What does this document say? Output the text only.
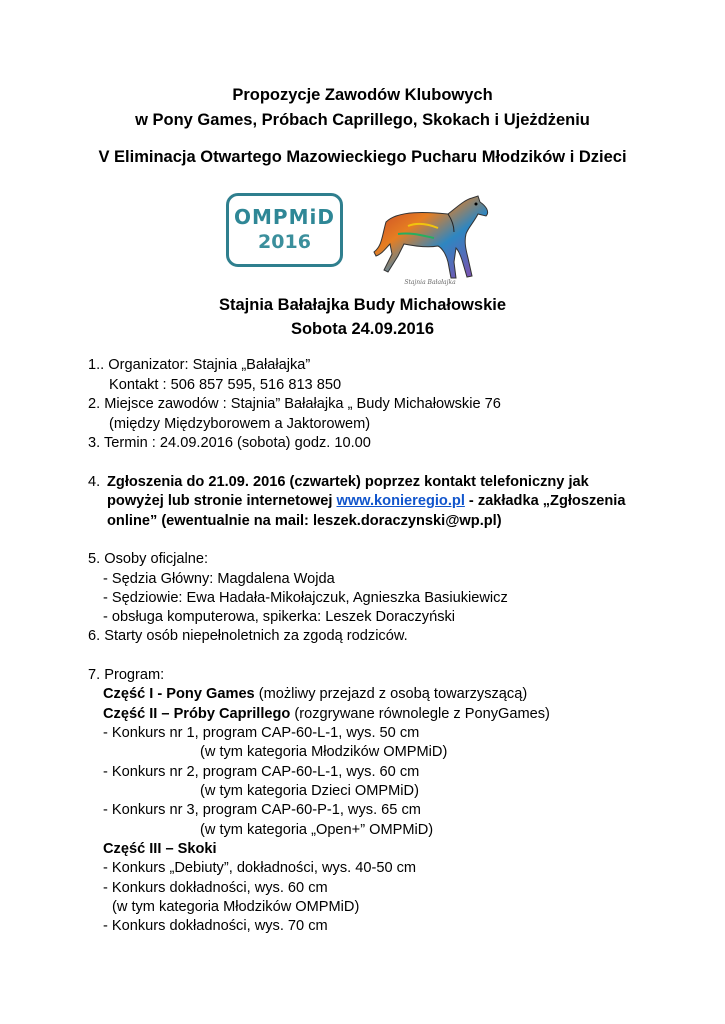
Propozycje Zawodów Klubowych
w Pony Games, Próbach Caprillego, Skokach i Ujeżdżeniu
V Eliminacja Otwartego Mazowieckiego Pucharu Młodzików i Dzieci
OMPMiD
2016
Stajnia Bałałajka
Stajnia Bałałajka Budy Michałowskie
Sobota 24.09.2016
1.. Organizator: Stajnia „Bałałajka”
Kontakt : 506 857 595, 516 813 850
2. Miejsce zawodów : Stajnia” Bałałajka „ Budy Michałowskie 76
(między Międzyborowem a Jaktorowem)
3. Termin : 24.09.2016 (sobota) godz. 10.00
4. Zgłoszenia do 21.09. 2016 (czwartek) poprzez kontakt telefoniczny jak
powyżej lub stronie internetowej www.konieregio.pl - zakładka „Zgłoszenia
online” (ewentualnie na mail: leszek.doraczynski@wp.pl)
5. Osoby oficjalne:
- Sędzia Główny: Magdalena Wojda
- Sędziowie: Ewa Hadała-Mikołajczuk, Agnieszka Basiukiewicz
- obsługa komputerowa, spikerka: Leszek Doraczyński
6. Starty osób niepełnoletnich za zgodą rodziców.
7. Program:
Część I - Pony Games (możliwy przejazd z osobą towarzyszącą)
Część II – Próby Caprillego (rozgrywane równolegle z PonyGames)
- Konkurs nr 1, program CAP-60-L-1, wys. 50 cm
(w tym kategoria Młodzików OMPMiD)
- Konkurs nr 2, program CAP-60-L-1, wys. 60 cm
(w tym kategoria Dzieci OMPMiD)
- Konkurs nr 3, program CAP-60-P-1, wys. 65 cm
(w tym kategoria „Open+” OMPMiD)
Część III – Skoki
- Konkurs „Debiuty”, dokładności, wys. 40-50 cm
- Konkurs dokładności, wys. 60 cm
(w tym kategoria Młodzików OMPMiD)
- Konkurs dokładności, wys. 70 cm
